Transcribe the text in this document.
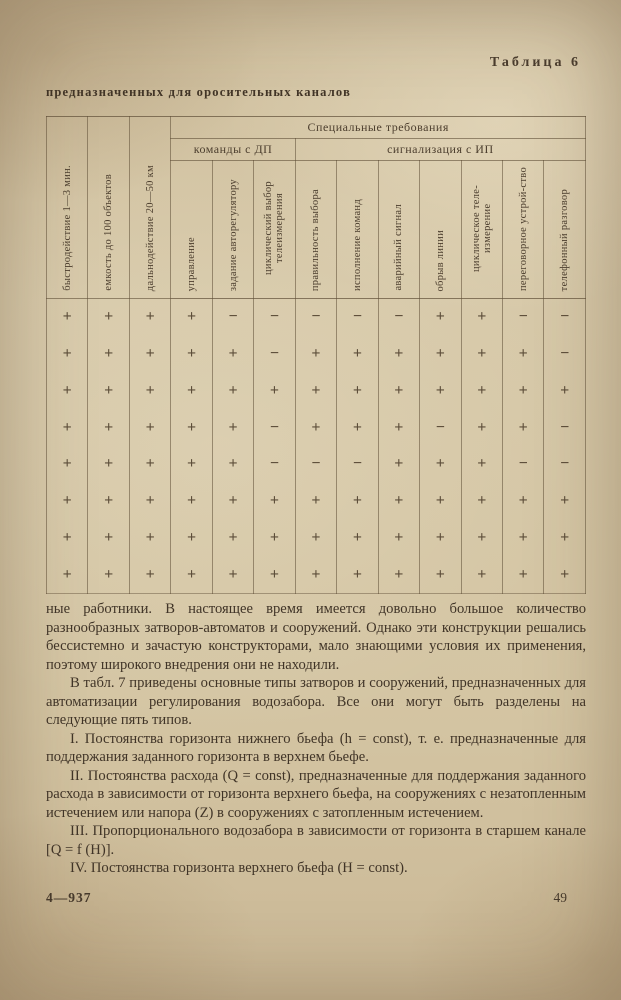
Таблица 6
предназначенных для оросительных каналов
быстродействие 1—3 мин.	емкость до 100 объектов	дальнодействие 20—50 км	Специальные требования									
			команды с ДП			сигнализация с ИП						
			управление	задание авторегулятору	циклический выбор телеизмерения	правильность выбора	исполнение команд	аварийный сигнал	обрыв линии	циклическое теле-измерение	переговорное устрой-ство	телефонный разговор
+	+	+	+	−	−	−	−	−	+	+	−	−
+	+	+	+	+	−	+	+	+	+	+	+	−
+	+	+	+	+	+	+	+	+	+	+	+	+
+	+	+	+	+	−	+	+	+	−	+	+	−
+	+	+	+	+	−	−	−	+	+	+	−	−
+	+	+	+	+	+	+	+	+	+	+	+	+
+	+	+	+	+	+	+	+	+	+	+	+	+
+	+	+	+	+	+	+	+	+	+	+	+	+

ные работники. В настоящее время имеется довольно большое количество разнообразных затворов-автоматов и сооружений. Однако эти конструкции решались бессистемно и зачастую конструкторами, мало знающими условия их применения, поэтому широкого внедрения они не находили.

В табл. 7 приведены основные типы затворов и сооружений, предназначенных для автоматизации регулирования водозабора. Все они могут быть разделены на следующие пять типов.

I. Постоянства горизонта нижнего бьефа (h = const), т. е. предназначенные для поддержания заданного горизонта в верхнем бьефе.

II. Постоянства расхода (Q = const), предназначенные для поддержания заданного расхода в зависимости от горизонта верхнего бьефа, на сооружениях с незатопленным истечением или напора (Z) в сооружениях с затопленным истечением.

III. Пропорционального водозабора в зависимости от горизонта в старшем канале [Q = f (H)].

IV. Постоянства горизонта верхнего бьефа (H = const).

4—937	49
